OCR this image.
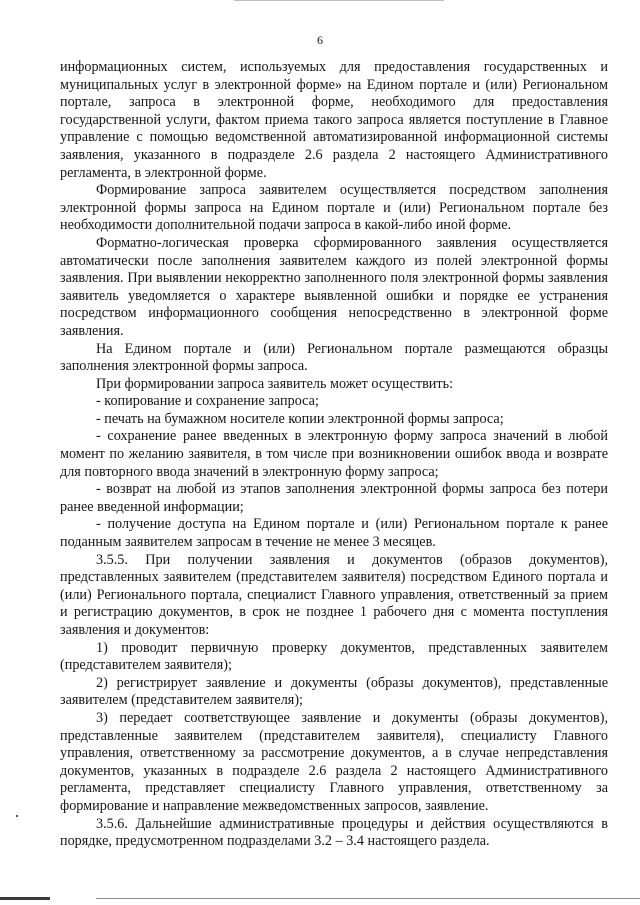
6

информационных систем, используемых для предоставления государственных и муниципальных услуг в электронной форме» на Едином портале и (или) Региональном портале, запроса в электронной форме, необходимого для предоставления государственной услуги, фактом приема такого запроса является поступление в Главное управление с помощью ведомственной автоматизированной информационной системы заявления, указанного в подразделе 2.6 раздела 2 настоящего Административного регламента, в электронной форме.

Формирование запроса заявителем осуществляется посредством заполнения электронной формы запроса на Едином портале и (или) Региональном портале без необходимости дополнительной подачи запроса в какой-либо иной форме.

Форматно-логическая проверка сформированного заявления осуществляется автоматически после заполнения заявителем каждого из полей электронной формы заявления. При выявлении некорректно заполненного поля электронной формы заявления заявитель уведомляется о характере выявленной ошибки и порядке ее устранения посредством информационного сообщения непосредственно в электронной форме заявления.

На Едином портале и (или) Региональном портале размещаются образцы заполнения электронной формы запроса.

При формировании запроса заявитель может осуществить:

- копирование и сохранение запроса;

- печать на бумажном носителе копии электронной формы запроса;

- сохранение ранее введенных в электронную форму запроса значений в любой момент по желанию заявителя, в том числе при возникновении ошибок ввода и возврате для повторного ввода значений в электронную форму запроса;

- возврат на любой из этапов заполнения электронной формы запроса без потери ранее введенной информации;

- получение доступа на Едином портале и (или) Региональном портале к ранее поданным заявителем запросам в течение не менее 3 месяцев.

3.5.5. При получении заявления и документов (образов документов), представленных заявителем (представителем заявителя) посредством Единого портала и (или) Регионального портала, специалист Главного управления, ответственный за прием и регистрацию документов, в срок не позднее 1 рабочего дня с момента поступления заявления и документов:

1) проводит первичную проверку документов, представленных заявителем (представителем заявителя);

2) регистрирует заявление и документы (образы документов), представленные заявителем (представителем заявителя);

3) передает соответствующее заявление и документы (образы документов), представленные заявителем (представителем заявителя), специалисту Главного управления, ответственному за рассмотрение документов, а в случае непредставления документов, указанных в подразделе 2.6 раздела 2 настоящего Административного регламента, представляет специалисту Главного управления, ответственному за формирование и направление межведомственных запросов, заявление.

3.5.6. Дальнейшие административные процедуры и действия осуществляются в порядке, предусмотренном подразделами 3.2 – 3.4 настоящего раздела.
